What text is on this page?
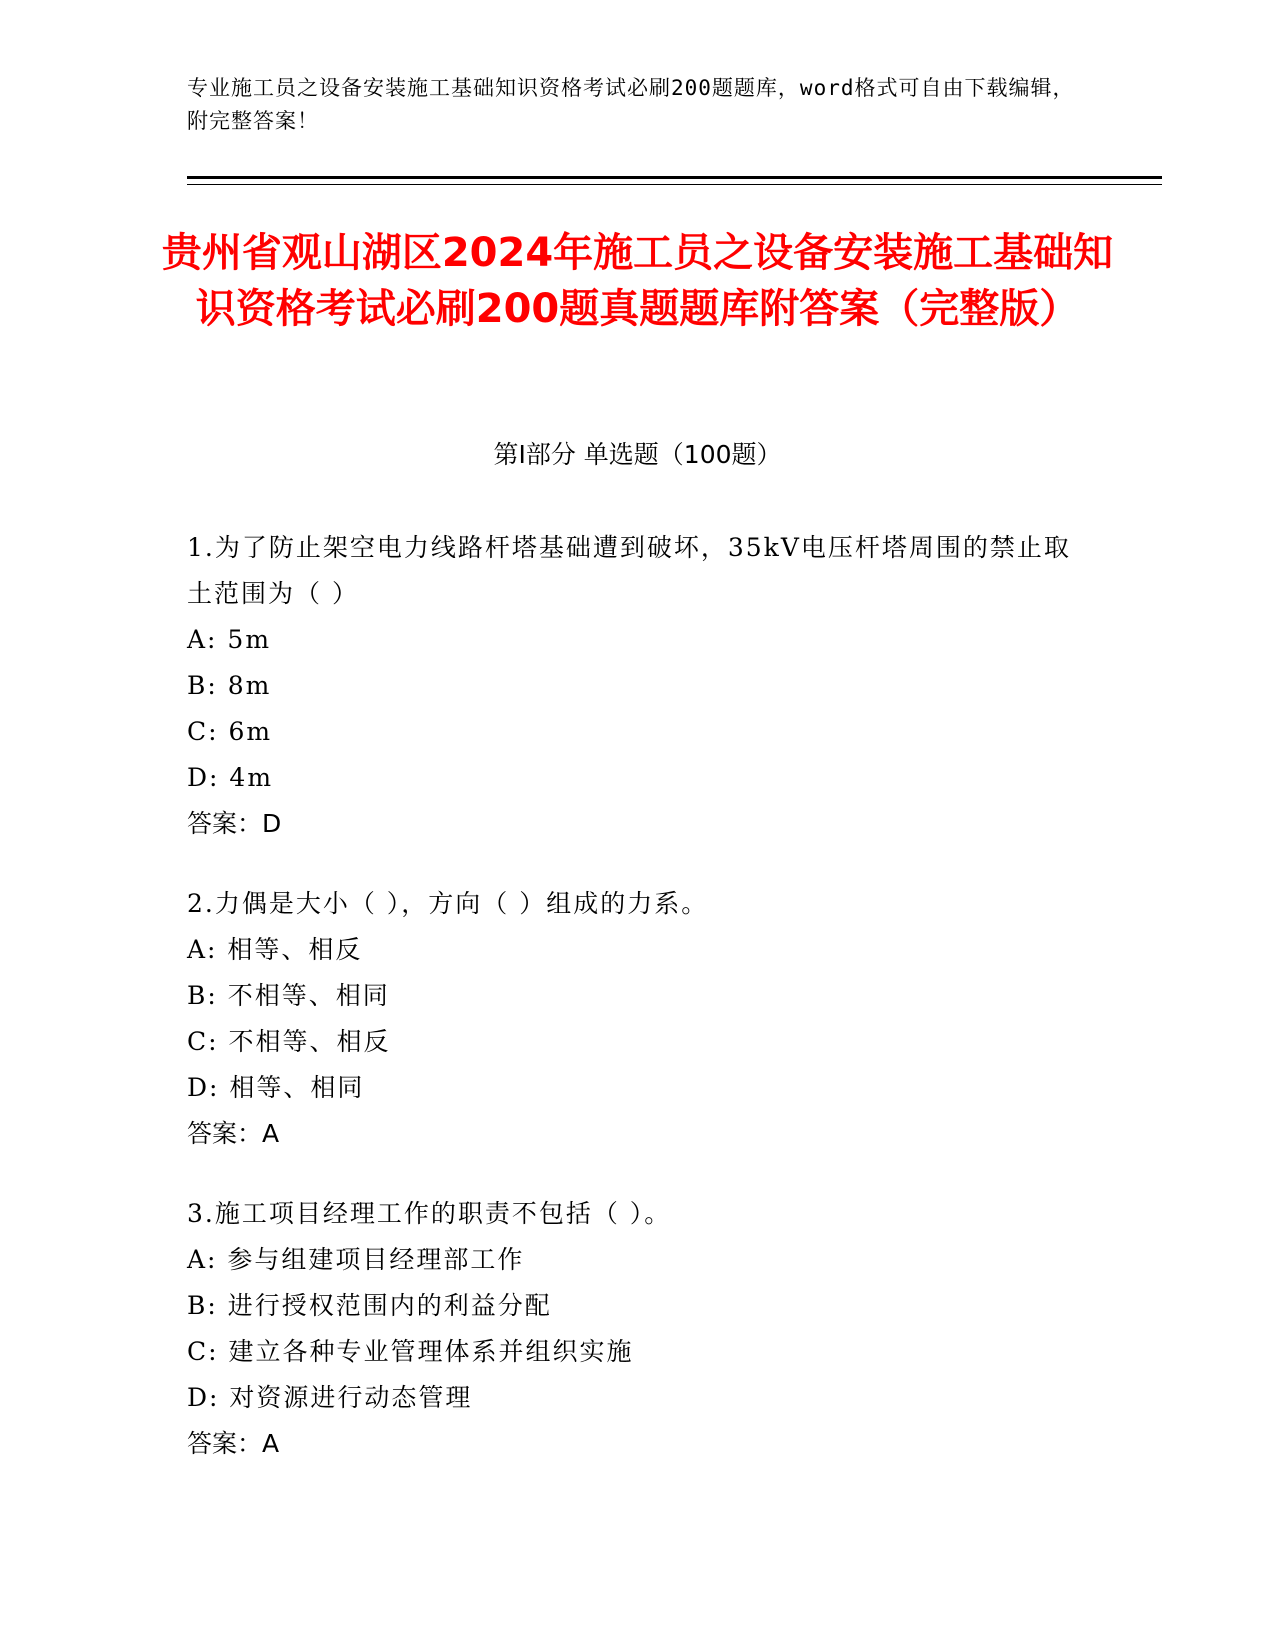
专业施工员之设备安装施工基础知识资格考试必刷200题题库，word格式可自由下载编辑，附完整答案！
贵州省观山湖区2024年施工员之设备安装施工基础知识资格考试必刷200题真题题库附答案（完整版）
第I部分 单选题（100题）

1.为了防止架空电力线路杆塔基础遭到破坏，35kV电压杆塔周围的禁止取土范围为（ ）

A: 5m

B: 8m

C: 6m

D: 4m

答案：D

2.力偶是大小（ ），方向（ ）组成的力系。

A: 相等、相反

B: 不相等、相同

C: 不相等、相反

D: 相等、相同

答案：A

3.施工项目经理工作的职责不包括（ ）。

A: 参与组建项目经理部工作

B: 进行授权范围内的利益分配

C: 建立各种专业管理体系并组织实施

D: 对资源进行动态管理

答案：A
